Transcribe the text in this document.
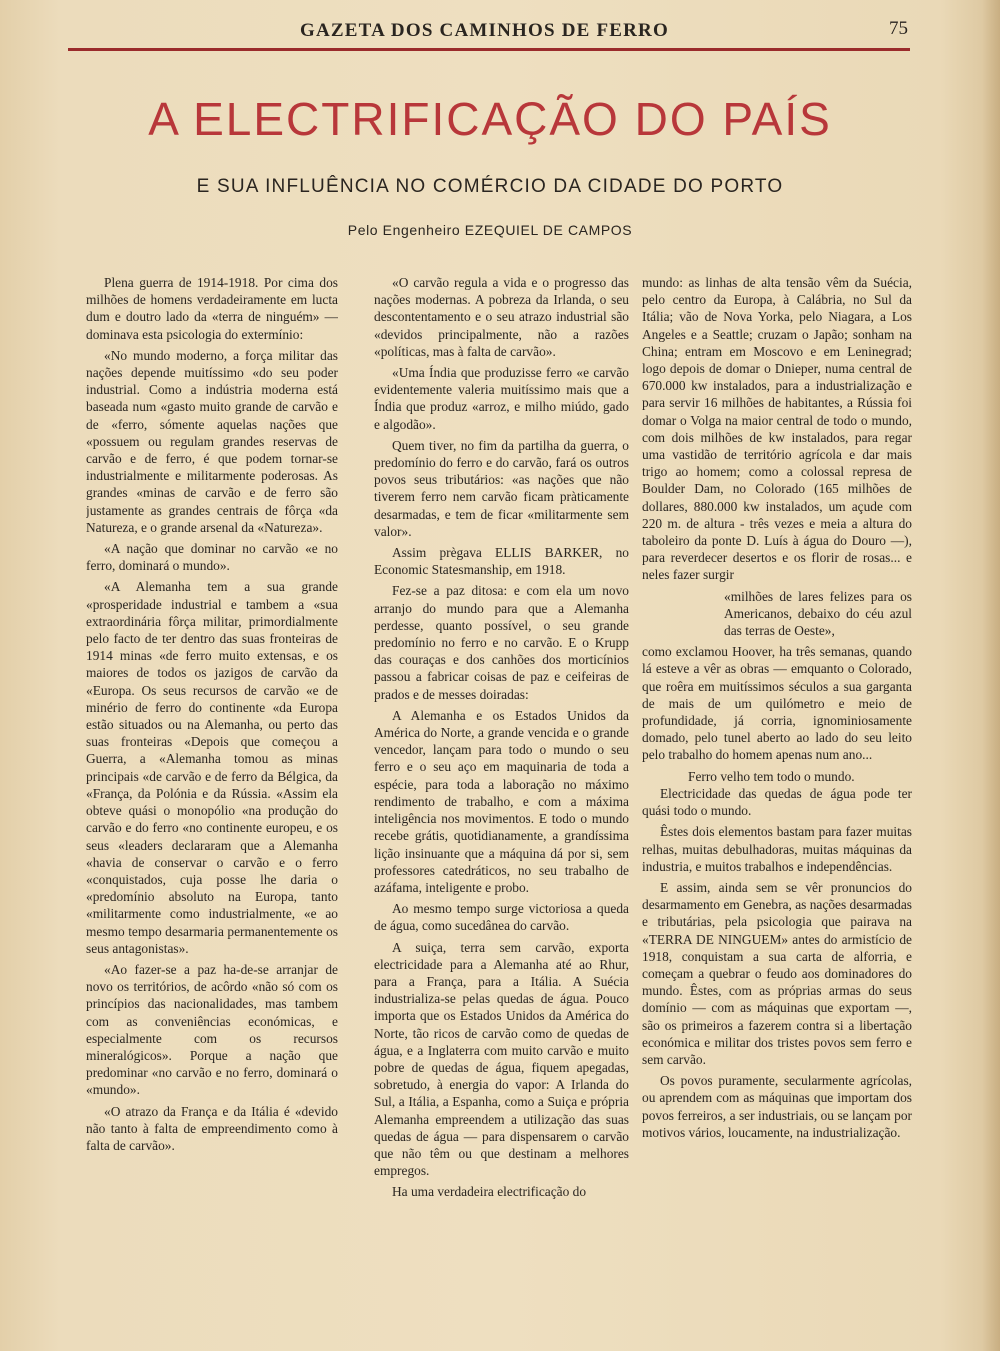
GAZETA DOS CAMINHOS DE FERRO	75
A ELECTRIFICAÇÃO DO PAÍS
E SUA INFLUÊNCIA NO COMÉRCIO DA CIDADE DO PORTO
Pelo Engenheiro EZEQUIEL DE CAMPOS

Plena guerra de 1914-1918. Por cima dos milhões de homens verdadeiramente em lucta dum e doutro lado da «terra de ninguém» — dominava esta psicologia do extermínio:

«No mundo moderno, a força militar das nações depende muitíssimo «do seu poder industrial. Como a indústria moderna está baseada num «gasto muito grande de carvão e de «ferro, sómente aquelas nações que «possuem ou regulam grandes reservas de carvão e de ferro, é que podem tornar-se industrialmente e militarmente poderosas. As grandes «minas de carvão e de ferro são justamente as grandes centrais de fôrça «da Natureza, e o grande arsenal da «Natureza».

«A nação que dominar no carvão «e no ferro, dominará o mundo».

«A Alemanha tem a sua grande «prosperidade industrial e tambem a «sua extraordinária fôrça militar, primordialmente pelo facto de ter dentro das suas fronteiras de 1914 minas «de ferro muito extensas, e os maiores de todos os jazigos de carvão da «Europa. Os seus recursos de carvão «e de minério de ferro do continente «da Europa estão situados ou na Alemanha, ou perto das suas fronteiras «Depois que começou a Guerra, a «Alemanha tomou as minas principais «de carvão e de ferro da Bélgica, da «França, da Polónia e da Rússia. «Assim ela obteve quási o monopólio «na produção do carvão e do ferro «no continente europeu, e os seus «leaders declararam que a Alemanha «havia de conservar o carvão e o ferro «conquistados, cuja posse lhe daria o «predomínio absoluto na Europa, tanto «militarmente como industrialmente, «e ao mesmo tempo desarmaria permanentemente os seus antagonistas».

«Ao fazer-se a paz ha-de-se arranjar de novo os territórios, de acôrdo «não só com os princípios das nacionalidades, mas tambem com as conveniências económicas, e especialmente com os recursos mineralógicos». Porque a nação que predominar «no carvão e no ferro, dominará o «mundo».

«O atrazo da França e da Itália é «devido não tanto à falta de empreendimento como à falta de carvão».

«O carvão regula a vida e o progresso das nações modernas. A pobreza da Irlanda, o seu descontentamento e o seu atrazo industrial são «devidos principalmente, não a razões «políticas, mas à falta de carvão».

«Uma Índia que produzisse ferro «e carvão evidentemente valeria muitíssimo mais que a Índia que produz «arroz, e milho miúdo, gado e algodão».

Quem tiver, no fim da partilha da guerra, o predomínio do ferro e do carvão, fará os outros povos seus tributários: «as nações que não tiverem ferro nem carvão ficam pràticamente desarmadas, e tem de ficar «militarmente sem valor».

Assim prègava ELLIS BARKER, no Economic Statesmanship, em 1918.

Fez-se a paz ditosa: e com ela um novo arranjo do mundo para que a Alemanha perdesse, quanto possível, o seu grande predomínio no ferro e no carvão. E o Krupp das couraças e dos canhões dos morticínios passou a fabricar coisas de paz e ceifeiras de prados e de messes doiradas:

A Alemanha e os Estados Unidos da América do Norte, a grande vencida e o grande vencedor, lançam para todo o mundo o seu ferro e o seu aço em maquinaria de toda a espécie, para toda a laboração no máximo rendimento de trabalho, e com a máxima inteligência nos movimentos. E todo o mundo recebe grátis, quotidianamente, a grandíssima lição insinuante que a máquina dá por si, sem professores catedráticos, no seu trabalho de azáfama, inteligente e probo.

Ao mesmo tempo surge victoriosa a queda de água, como sucedânea do carvão.

A suiça, terra sem carvão, exporta electricidade para a Alemanha até ao Rhur, para a França, para a Itália. A Suécia industrializa-se pelas quedas de água. Pouco importa que os Estados Unidos da América do Norte, tão ricos de carvão como de quedas de água, e a Inglaterra com muito carvão e muito pobre de quedas de água, fiquem apegadas, sobretudo, à energia do vapor: A Irlanda do Sul, a Itália, a Espanha, como a Suiça e própria Alemanha empreendem a utilização das suas quedas de água — para dispensarem o carvão que não têm ou que destinam a melhores empregos.

Ha uma verdadeira electrificação do

mundo: as linhas de alta tensão vêm da Suécia, pelo centro da Europa, à Calábria, no Sul da Itália; vão de Nova Yorka, pelo Niagara, a Los Angeles e a Seattle; cruzam o Japão; sonham na China; entram em Moscovo e em Leninegrad; logo depois de domar o Dnieper, numa central de 670.000 kw instalados, para a industrialização e para servir 16 milhões de habitantes, a Rússia foi domar o Volga na maior central de todo o mundo, com dois milhões de kw instalados, para regar uma vastidão de território agrícola e dar mais trigo ao homem; como a colossal represa de Boulder Dam, no Colorado (165 milhões de dollares, 880.000 kw instalados, um açude com 220 m. de altura - três vezes e meia a altura do taboleiro da ponte D. Luís à água do Douro —), para reverdecer desertos e os florir de rosas... e neles fazer surgir

«milhões de lares felizes para os Americanos, debaixo do céu azul das terras de Oeste»,

como exclamou Hoover, ha três semanas, quando lá esteve a vêr as obras — emquanto o Colorado, que roêra em muitíssimos séculos a sua garganta de mais de um quilómetro e meio de profundidade, já corria, ignominiosamente domado, pelo tunel aberto ao lado do seu leito pelo trabalho do homem apenas num ano...

Ferro velho tem todo o mundo.

Electricidade das quedas de água pode ter quási todo o mundo.

Êstes dois elementos bastam para fazer muitas relhas, muitas debulhadoras, muitas máquinas da industria, e muitos trabalhos e independências.

E assim, ainda sem se vêr pronuncios do desarmamento em Genebra, as nações desarmadas e tributárias, pela psicologia que pairava na «TERRA DE NINGUEM» antes do armistício de 1918, conquistam a sua carta de alforria, e começam a quebrar o feudo aos dominadores do mundo. Êstes, com as próprias armas do seus domínio — com as máquinas que exportam —, são os primeiros a fazerem contra si a libertação económica e militar dos tristes povos sem ferro e sem carvão.

Os povos puramente, secularmente agrícolas, ou aprendem com as máquinas que importam dos povos ferreiros, a ser industriais, ou se lançam por motivos vários, loucamente, na industrialização.
